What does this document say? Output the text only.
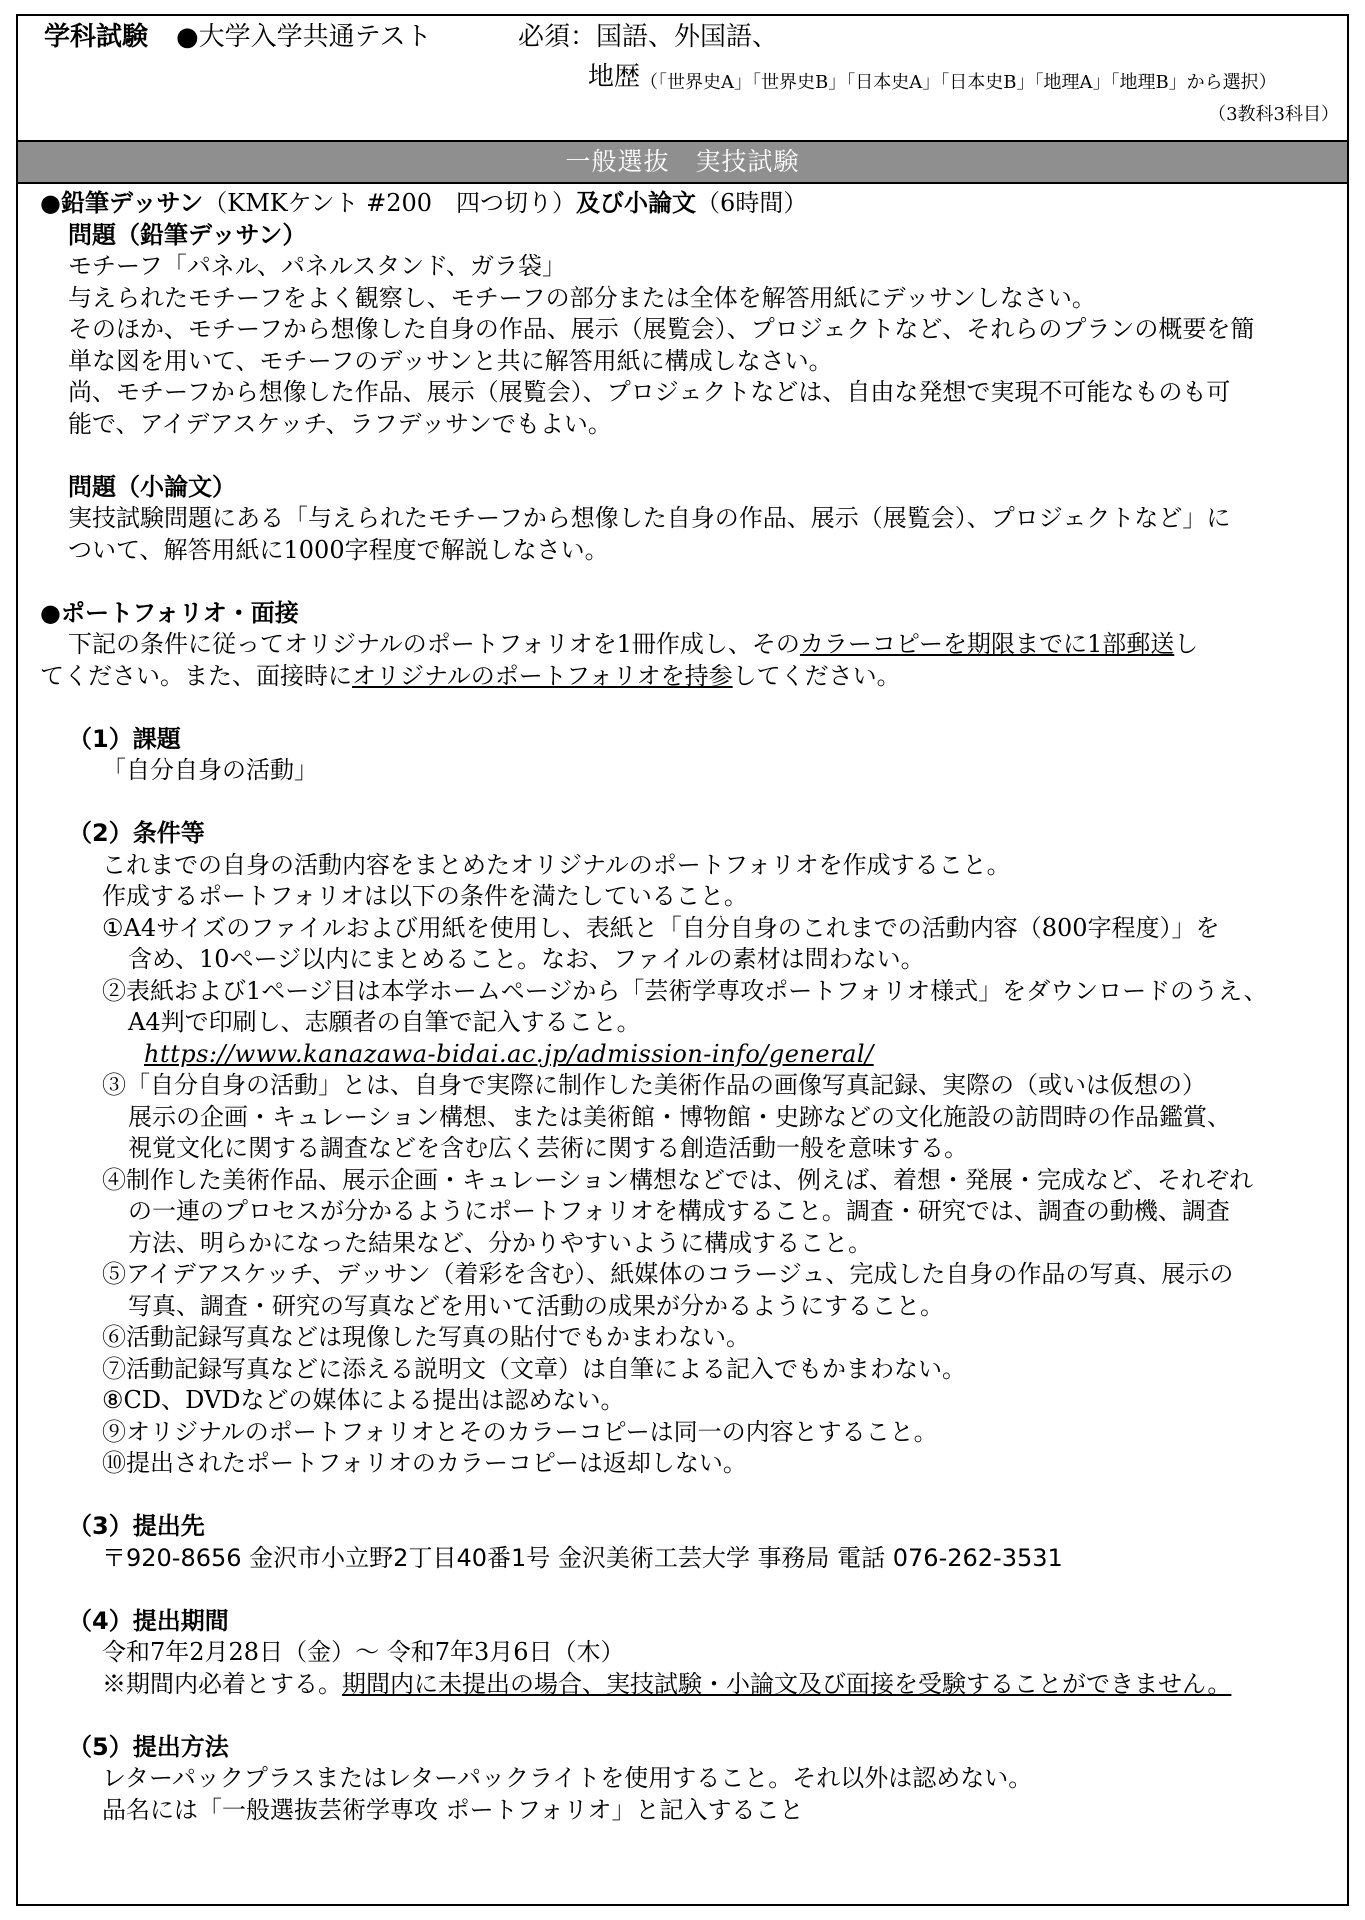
学科試験 ●大学入学共通テスト	必須：国語、外国語、
地歴 （「世界史A」「世界史B」「日本史A」「日本史B」「地理A」「地理B」から選択）
（3教科3科目）
一般選抜　実技試験
●鉛筆デッサン（KMKケント #200　四つ切り）及び小論文（6時間）
問題（鉛筆デッサン）
モチーフ「パネル、パネルスタンド、ガラ袋」
与えられたモチーフをよく観察し、モチーフの部分または全体を解答用紙にデッサンしなさい。
そのほか、モチーフから想像した自身の作品、展示（展覧会）、プロジェクトなど、それらのプランの概要を簡
単な図を用いて、モチーフのデッサンと共に解答用紙に構成しなさい。
尚、モチーフから想像した作品、展示（展覧会）、プロジェクトなどは、自由な発想で実現不可能なものも可
能で、アイデアスケッチ、ラフデッサンでもよい。
問題（小論文）
実技試験問題にある「与えられたモチーフから想像した自身の作品、展示（展覧会）、プロジェクトなど」に
ついて、解答用紙に1000字程度で解説しなさい。
●ポートフォリオ・面接
下記の条件に従ってオリジナルのポートフォリオを1冊作成し、そのカラーコピーを期限までに1部郵送し
てください。また、面接時にオリジナルのポートフォリオを持参してください。
（1）課題
「自分自身の活動」
（2）条件等
これまでの自身の活動内容をまとめたオリジナルのポートフォリオを作成すること。
作成するポートフォリオは以下の条件を満たしていること。
①A4サイズのファイルおよび用紙を使用し、表紙と「自分自身のこれまでの活動内容（800字程度）」を
含め、10ページ以内にまとめること。なお、ファイルの素材は問わない。
②表紙および1ページ目は本学ホームページから「芸術学専攻ポートフォリオ様式」をダウンロードのうえ、
A4判で印刷し、志願者の自筆で記入すること。
https://www.kanazawa-bidai.ac.jp/admission-info/general/
③「自分自身の活動」とは、自身で実際に制作した美術作品の画像写真記録、実際の（或いは仮想の）
展示の企画・キュレーション構想、または美術館・博物館・史跡などの文化施設の訪問時の作品鑑賞、
視覚文化に関する調査などを含む広く芸術に関する創造活動一般を意味する。
④制作した美術作品、展示企画・キュレーション構想などでは、例えば、着想・発展・完成など、それぞれ
の一連のプロセスが分かるようにポートフォリオを構成すること。調査・研究では、調査の動機、調査
方法、明らかになった結果など、分かりやすいように構成すること。
⑤アイデアスケッチ、デッサン（着彩を含む）、紙媒体のコラージュ、完成した自身の作品の写真、展示の
写真、調査・研究の写真などを用いて活動の成果が分かるようにすること。
⑥活動記録写真などは現像した写真の貼付でもかまわない。
⑦活動記録写真などに添える説明文（文章）は自筆による記入でもかまわない。
⑧CD、DVDなどの媒体による提出は認めない。
⑨オリジナルのポートフォリオとそのカラーコピーは同一の内容とすること。
⑩提出されたポートフォリオのカラーコピーは返却しない。
（3）提出先
〒920-8656 金沢市小立野2丁目40番1号 金沢美術工芸大学 事務局 電話 076-262-3531
（4）提出期間
令和7年2月28日（金）～ 令和7年3月6日（木）
※期間内必着とする。期間内に未提出の場合、実技試験・小論文及び面接を受験することができません。
（5）提出方法
レターパックプラスまたはレターパックライトを使用すること。それ以外は認めない。
品名には「一般選抜芸術学専攻 ポートフォリオ」と記入すること
